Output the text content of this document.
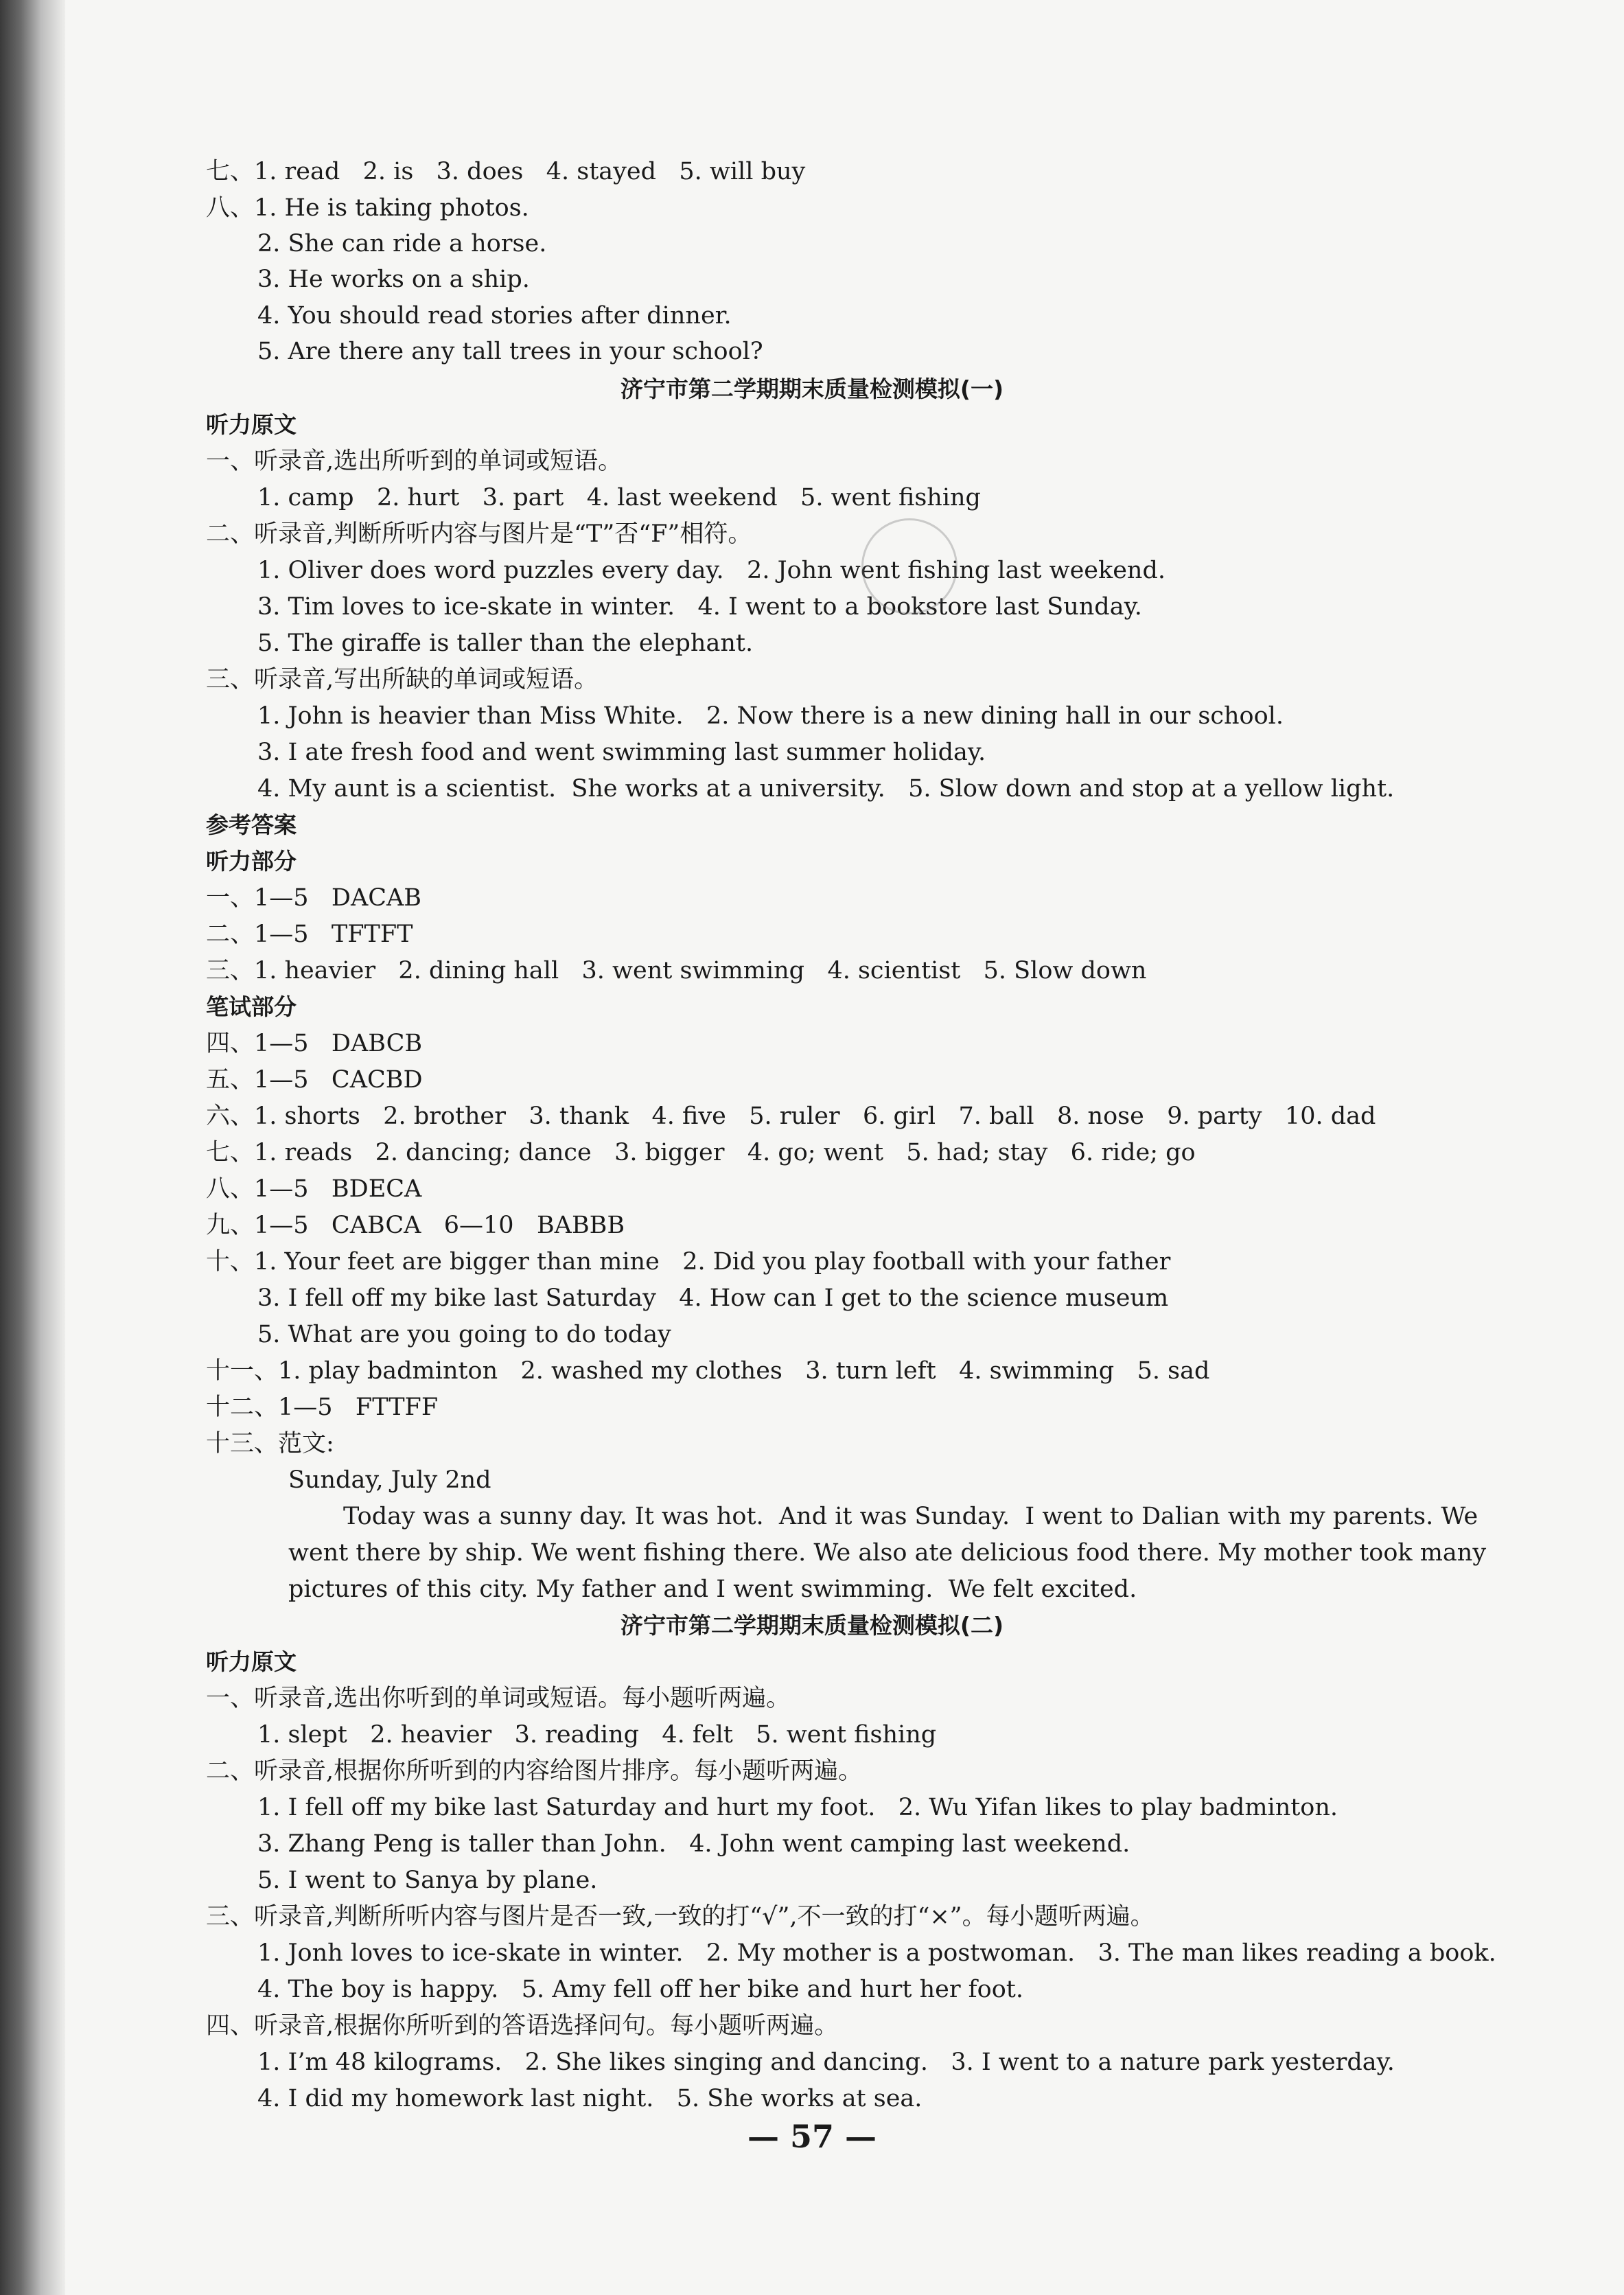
七、1. read   2. is   3. does   4. stayed   5. will buy
八、1. He is taking photos.
2. She can ride a horse.
3. He works on a ship.
4. You should read stories after dinner.
5. Are there any tall trees in your school?
济宁市第二学期期末质量检测模拟(一)
听力原文
一、听录音,选出所听到的单词或短语。
1. camp   2. hurt   3. part   4. last weekend   5. went fishing
二、听录音,判断所听内容与图片是“T”否“F”相符。
1. Oliver does word puzzles every day.   2. John went fishing last weekend.
3. Tim loves to ice-skate in winter.   4. I went to a bookstore last Sunday.
5. The giraffe is taller than the elephant.
三、听录音,写出所缺的单词或短语。
1. John is heavier than Miss White.   2. Now there is a new dining hall in our school.
3. I ate fresh food and went swimming last summer holiday.
4. My aunt is a scientist.  She works at a university.   5. Slow down and stop at a yellow light.
参考答案
听力部分
一、1—5   DACAB
二、1—5   TFTFT
三、1. heavier   2. dining hall   3. went swimming   4. scientist   5. Slow down
笔试部分
四、1—5   DABCB
五、1—5   CACBD
六、1. shorts   2. brother   3. thank   4. five   5. ruler   6. girl   7. ball   8. nose   9. party   10. dad
七、1. reads   2. dancing; dance   3. bigger   4. go; went   5. had; stay   6. ride; go
八、1—5   BDECA
九、1—5   CABCA   6—10   BABBB
十、1. Your feet are bigger than mine   2. Did you play football with your father
3. I fell off my bike last Saturday   4. How can I get to the science museum
5. What are you going to do today
十一、1. play badminton   2. washed my clothes   3. turn left   4. swimming   5. sad
十二、1—5   FTTFF
十三、范文:
Sunday, July 2nd
Today was a sunny day. It was hot.  And it was Sunday.  I went to Dalian with my parents. We
went there by ship. We went fishing there. We also ate delicious food there. My mother took many
pictures of this city. My father and I went swimming.  We felt excited.
济宁市第二学期期末质量检测模拟(二)
听力原文
一、听录音,选出你听到的单词或短语。每小题听两遍。
1. slept   2. heavier   3. reading   4. felt   5. went fishing
二、听录音,根据你所听到的内容给图片排序。每小题听两遍。
1. I fell off my bike last Saturday and hurt my foot.   2. Wu Yifan likes to play badminton.
3. Zhang Peng is taller than John.   4. John went camping last weekend.
5. I went to Sanya by plane.
三、听录音,判断所听内容与图片是否一致,一致的打“√”,不一致的打“×”。每小题听两遍。
1. Jonh loves to ice-skate in winter.   2. My mother is a postwoman.   3. The man likes reading a book.
4. The boy is happy.   5. Amy fell off her bike and hurt her foot.
四、听录音,根据你所听到的答语选择问句。每小题听两遍。
1. I’m 48 kilograms.   2. She likes singing and dancing.   3. I went to a nature park yesterday.
4. I did my homework last night.   5. She works at sea.
— 57 —
